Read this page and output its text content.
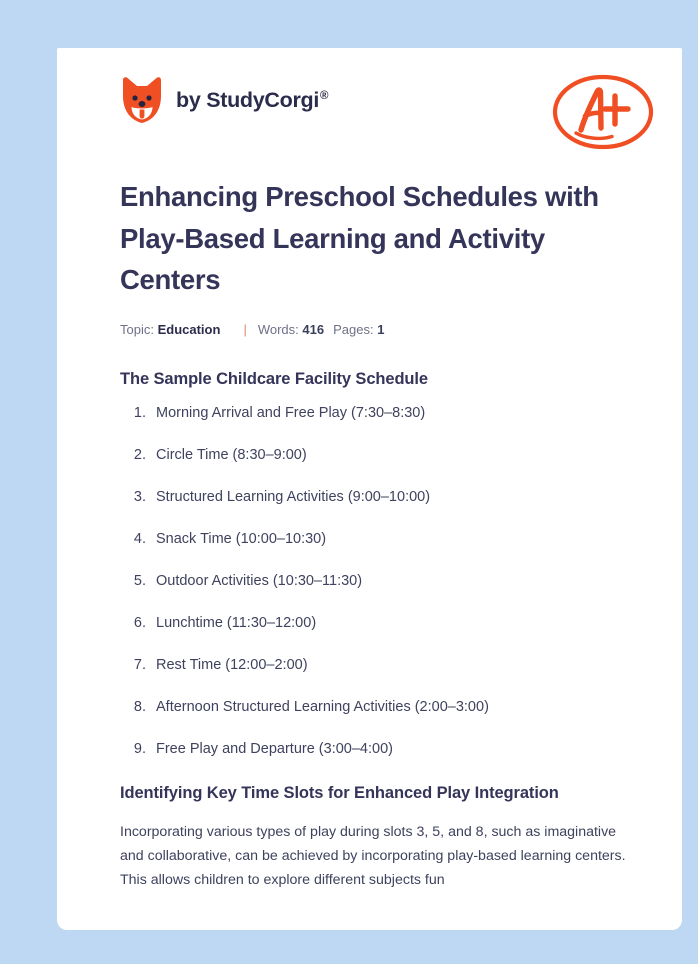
by StudyCorgi®
Enhancing Preschool Schedules with Play-Based Learning and Activity Centers
Topic: Education | Words: 416 Pages: 1
The Sample Childcare Facility Schedule
1. Morning Arrival and Free Play (7:30–8:30)
2. Circle Time (8:30–9:00)
3. Structured Learning Activities (9:00–10:00)
4. Snack Time (10:00–10:30)
5. Outdoor Activities (10:30–11:30)
6. Lunchtime (11:30–12:00)
7. Rest Time (12:00–2:00)
8. Afternoon Structured Learning Activities (2:00–3:00)
9. Free Play and Departure (3:00–4:00)
Identifying Key Time Slots for Enhanced Play Integration

Incorporating various types of play during slots 3, 5, and 8, such as imaginative and collaborative, can be achieved by incorporating play-based learning centers. This allows children to explore different subjects fun
